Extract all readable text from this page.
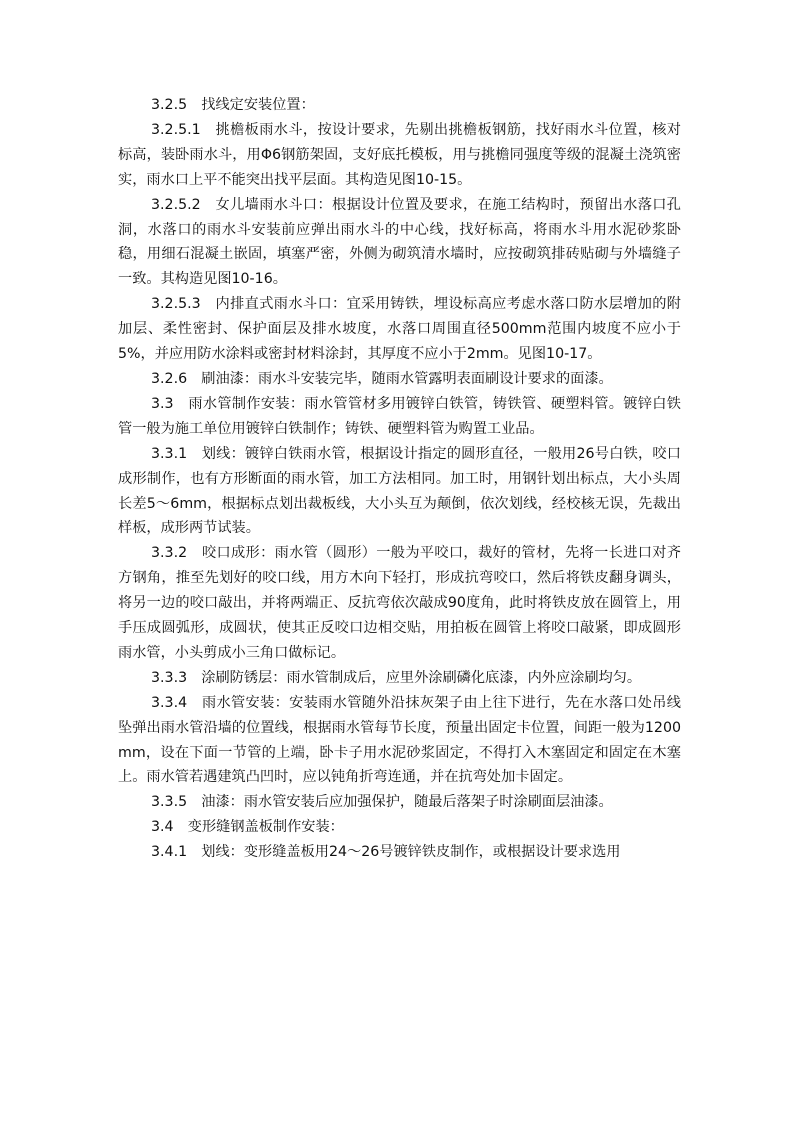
3.2.5　找线定安装位置：

3.2.5.1　挑檐板雨水斗，按设计要求，先剔出挑檐板钢筋，找好雨水斗位置，核对标高，装卧雨水斗，用Φ6钢筋架固，支好底托模板，用与挑檐同强度等级的混凝土浇筑密实，雨水口上平不能突出找平层面。其构造见图10-15。

3.2.5.2　女儿墙雨水斗口：根据设计位置及要求，在施工结构时，预留出水落口孔洞，水落口的雨水斗安装前应弹出雨水斗的中心线，找好标高，将雨水斗用水泥砂浆卧稳，用细石混凝土嵌固，填塞严密，外侧为砌筑清水墙时，应按砌筑排砖贴砌与外墙缝子一致。其构造见图10-16。

3.2.5.3　内排直式雨水斗口：宜采用铸铁，埋设标高应考虑水落口防水层增加的附加层、柔性密封、保护面层及排水坡度，水落口周围直径500mm范围内坡度不应小于5%，并应用防水涂料或密封材料涂封，其厚度不应小于2mm。见图10-17。

3.2.6　刷油漆：雨水斗安装完毕，随雨水管露明表面刷设计要求的面漆。

3.3　雨水管制作安装：雨水管管材多用镀锌白铁管，铸铁管、硬塑料管。镀锌白铁管一般为施工单位用镀锌白铁制作；铸铁、硬塑料管为购置工业品。

3.3.1　划线：镀锌白铁雨水管，根据设计指定的圆形直径，一般用26号白铁，咬口成形制作，也有方形断面的雨水管，加工方法相同。加工时，用钢针划出标点，大小头周长差5～6mm，根据标点划出裁板线，大小头互为颠倒，依次划线，经校核无误，先裁出样板，成形两节试装。

3.3.2　咬口成形：雨水管（圆形）一般为平咬口，裁好的管材，先将一长进口对齐方钢角，推至先划好的咬口线，用方木向下轻打，形成抗弯咬口，然后将铁皮翻身调头，将另一边的咬口敲出，并将两端正、反抗弯依次敲成90度角，此时将铁皮放在圆管上，用手压成圆弧形，成圆状，使其正反咬口边相交贴，用拍板在圆管上将咬口敲紧，即成圆形雨水管，小头剪成小三角口做标记。

3.3.3　涂刷防锈层：雨水管制成后，应里外涂刷磷化底漆，内外应涂刷均匀。

3.3.4　雨水管安装：安装雨水管随外沿抹灰架子由上往下进行，先在水落口处吊线坠弹出雨水管沿墙的位置线，根据雨水管每节长度，预量出固定卡位置，间距一般为1200mm，设在下面一节管的上端，卧卡子用水泥砂浆固定，不得打入木塞固定和固定在木塞上。雨水管若遇建筑凸凹时，应以钝角折弯连通，并在抗弯处加卡固定。

3.3.5　油漆：雨水管安装后应加强保护，随最后落架子时涂刷面层油漆。

3.4　变形缝钢盖板制作安装：

3.4.1　划线：变形缝盖板用24～26号镀锌铁皮制作，或根据设计要求选用
